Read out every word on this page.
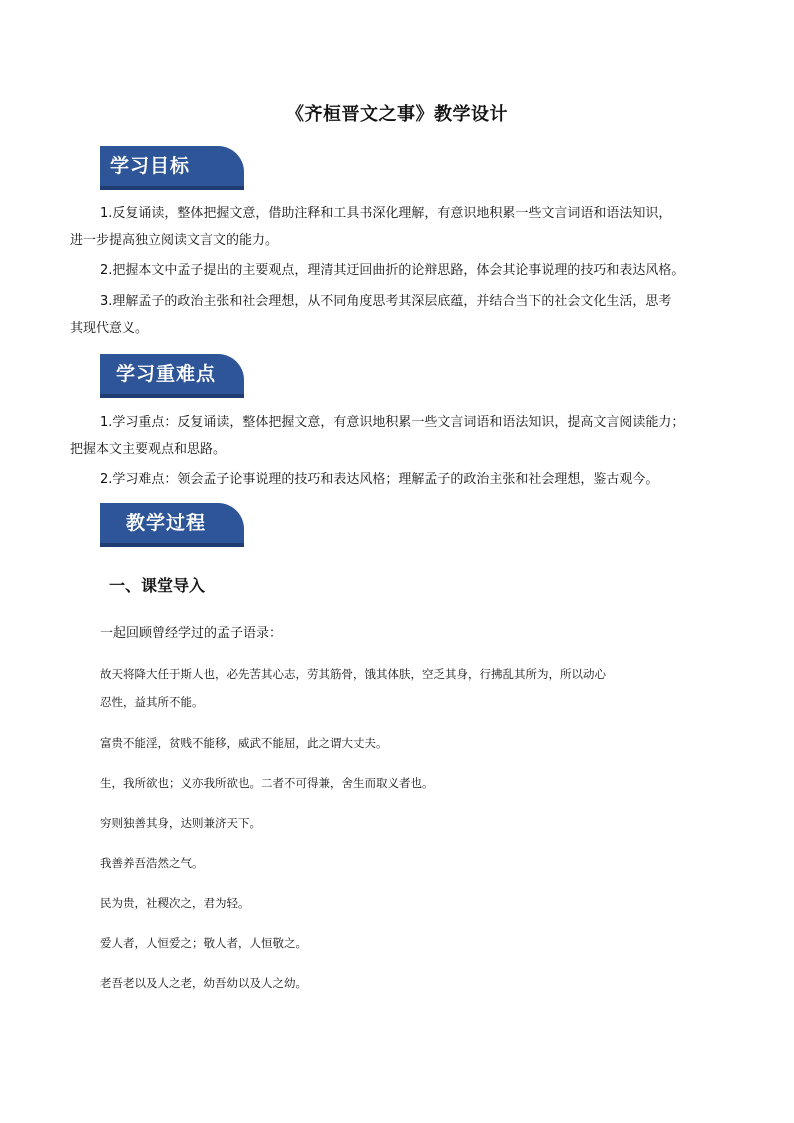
《齐桓晋文之事》教学设计
学习目标

1.反复诵读，整体把握文意，借助注释和工具书深化理解，有意识地积累一些文言词语和语法知识，
进一步提高独立阅读文言文的能力。

2.把握本文中孟子提出的主要观点，理清其迂回曲折的论辩思路，体会其论事说理的技巧和表达风格。

3.理解孟子的政治主张和社会理想，从不同角度思考其深层底蕴，并结合当下的社会文化生活，思考
其现代意义。

学习重难点

1.学习重点：反复诵读，整体把握文意，有意识地积累一些文言词语和语法知识，提高文言阅读能力；
把握本文主要观点和思路。

2.学习难点：领会孟子论事说理的技巧和表达风格；理解孟子的政治主张和社会理想，鉴古观今。

教学过程
一、课堂导入
一起回顾曾经学过的孟子语录：

故天将降大任于斯人也，必先苦其心志，劳其筋骨，饿其体肤，空乏其身，行拂乱其所为，所以动心
忍性，益其所不能。

富贵不能淫，贫贱不能移，威武不能屈，此之谓大丈夫。

生，我所欲也；义亦我所欲也。二者不可得兼，舍生而取义者也。

穷则独善其身，达则兼济天下。

我善养吾浩然之气。

民为贵，社稷次之，君为轻。

爱人者，人恒爱之；敬人者，人恒敬之。

老吾老以及人之老，幼吾幼以及人之幼。
